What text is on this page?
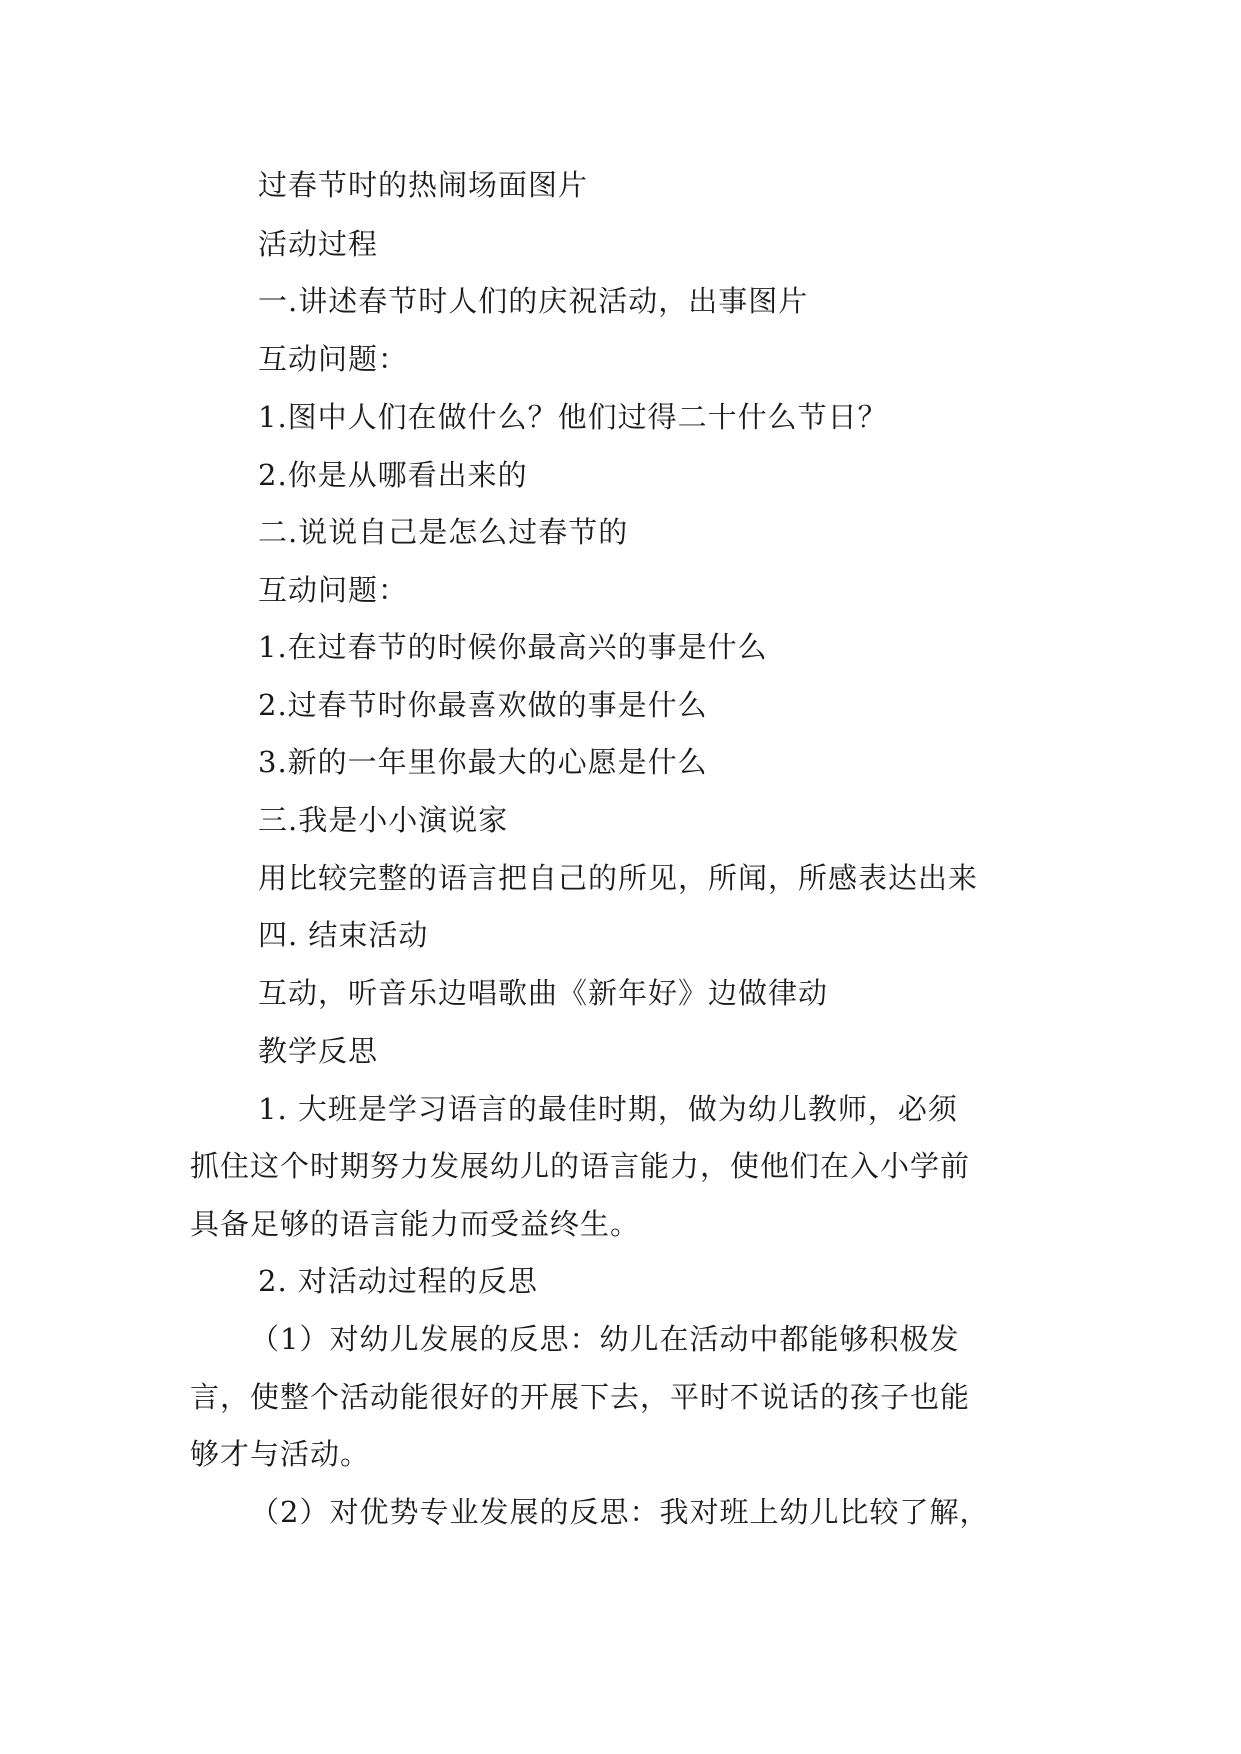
过春节时的热闹场面图片
活动过程
一.讲述春节时人们的庆祝活动，出事图片
互动问题：
1.图中人们在做什么？他们过得二十什么节日？
2.你是从哪看出来的
二.说说自己是怎么过春节的
互动问题：
1.在过春节的时候你最高兴的事是什么
2.过春节时你最喜欢做的事是什么
3.新的一年里你最大的心愿是什么
三.我是小小演说家
用比较完整的语言把自己的所见，所闻，所感表达出来
四. 结束活动
互动，听音乐边唱歌曲《新年好》边做律动
教学反思
1. 大班是学习语言的最佳时期，做为幼儿教师，必须
抓住这个时期努力发展幼儿的语言能力，使他们在入小学前
具备足够的语言能力而受益终生。
2. 对活动过程的反思
（1）对幼儿发展的反思：幼儿在活动中都能够积极发
言，使整个活动能很好的开展下去，平时不说话的孩子也能
够才与活动。
（2）对优势专业发展的反思：我对班上幼儿比较了解，
